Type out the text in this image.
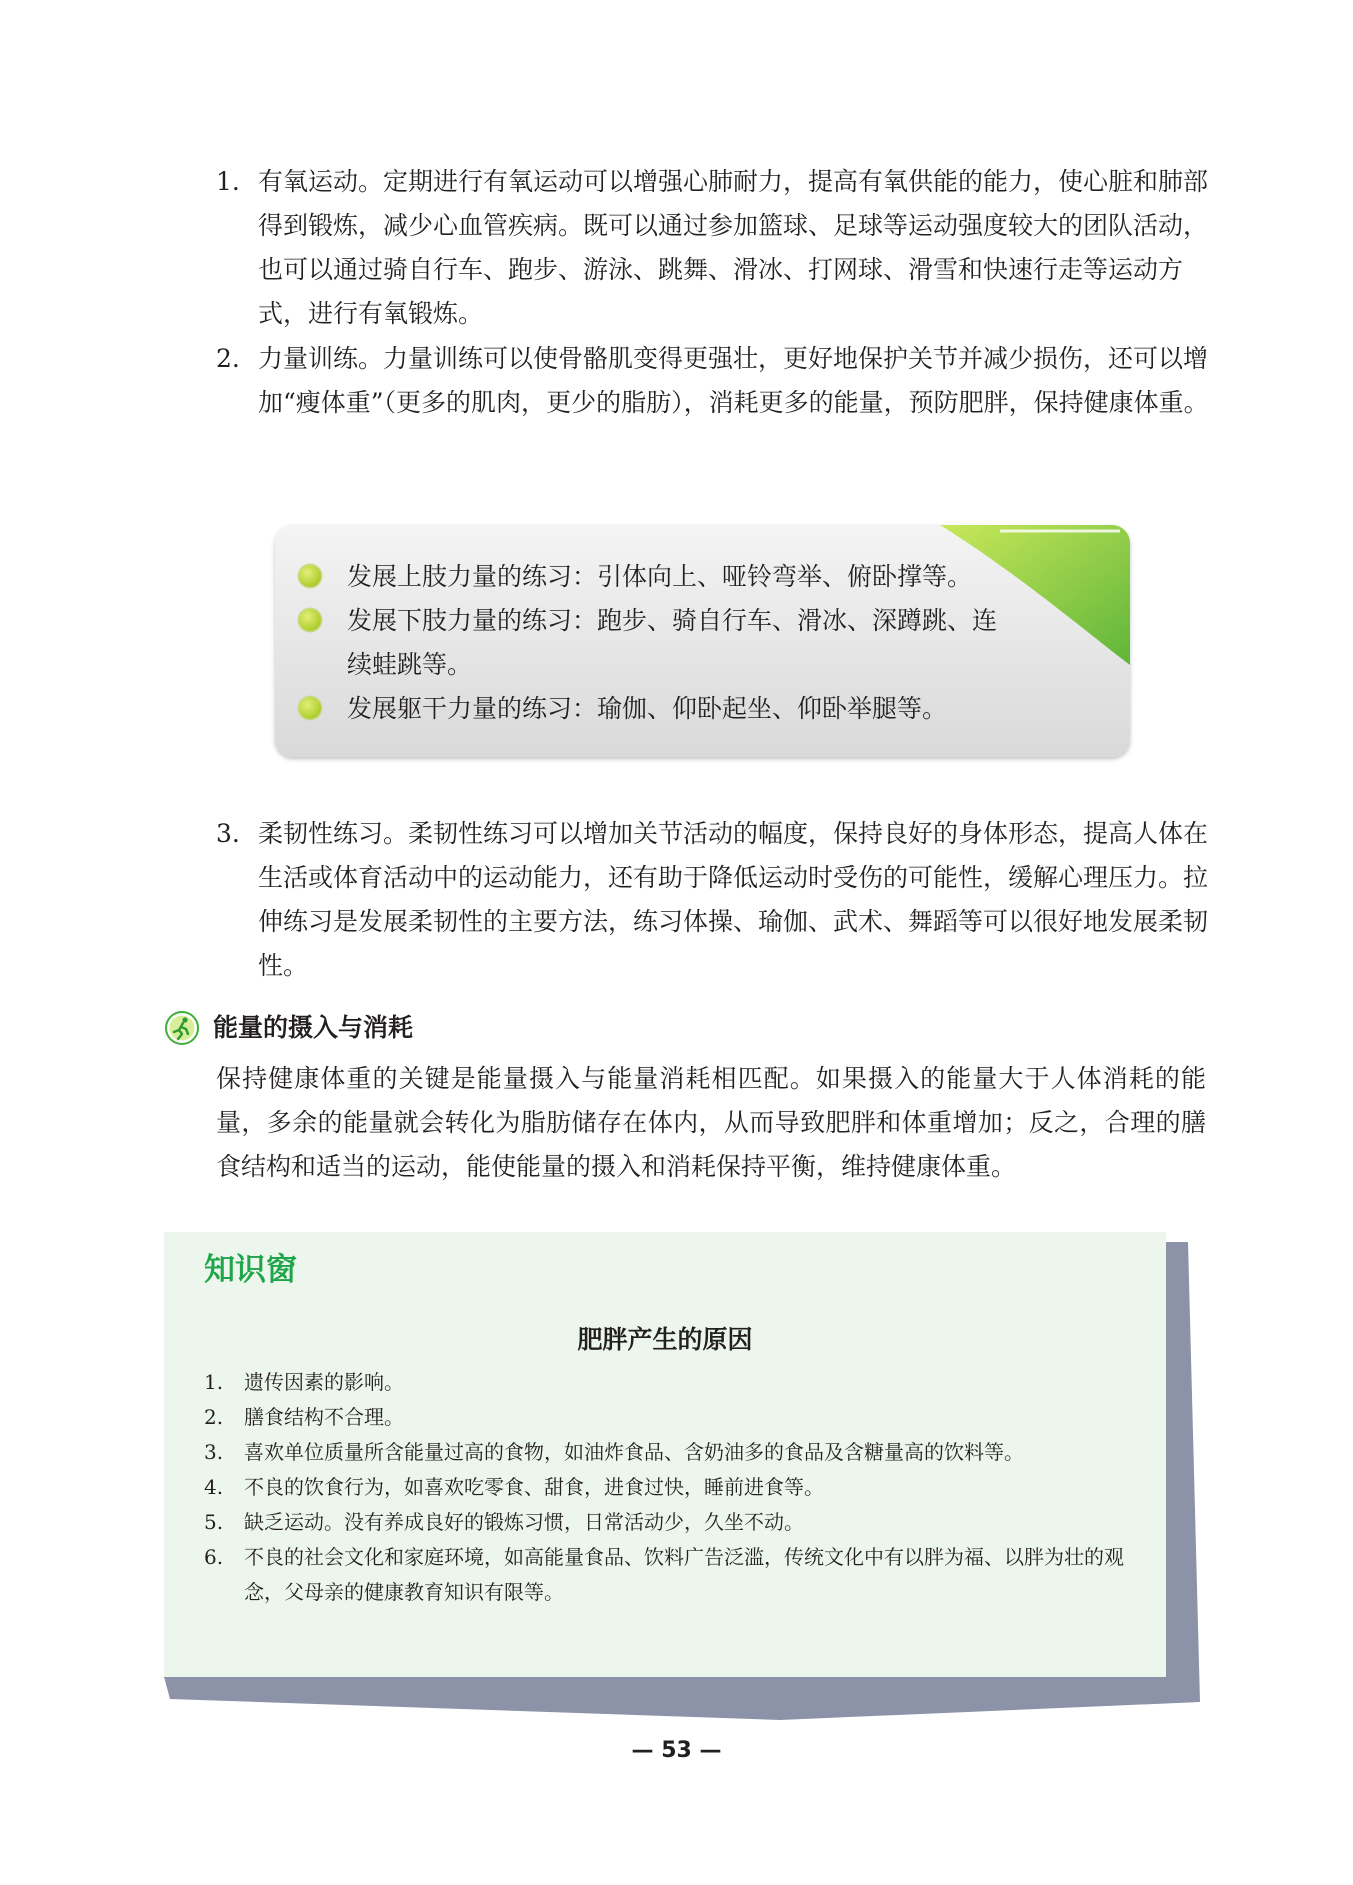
1. 有氧运动。定期进行有氧运动可以增强心肺耐力，提高有氧供能的能力，使心脏和肺部得到锻炼，减少心血管疾病。既可以通过参加篮球、足球等运动强度较大的团队活动，也可以通过骑自行车、跑步、游泳、跳舞、滑冰、打网球、滑雪和快速行走等运动方式，进行有氧锻炼。
2. 力量训练。力量训练可以使骨骼肌变得更强壮，更好地保护关节并减少损伤，还可以增加“瘦体重”（更多的肌肉，更少的脂肪），消耗更多的能量，预防肥胖，保持健康体重。
发展上肢力量的练习：引体向上、哑铃弯举、俯卧撑等。
发展下肢力量的练习：跑步、骑自行车、滑冰、深蹲跳、连续蛙跳等。
发展躯干力量的练习：瑜伽、仰卧起坐、仰卧举腿等。
3. 柔韧性练习。柔韧性练习可以增加关节活动的幅度，保持良好的身体形态，提高人体在生活或体育活动中的运动能力，还有助于降低运动时受伤的可能性，缓解心理压力。拉伸练习是发展柔韧性的主要方法，练习体操、瑜伽、武术、舞蹈等可以很好地发展柔韧性。
能量的摄入与消耗
保持健康体重的关键是能量摄入与能量消耗相匹配。如果摄入的能量大于人体消耗的能量，多余的能量就会转化为脂肪储存在体内，从而导致肥胖和体重增加；反之，合理的膳食结构和适当的运动，能使能量的摄入和消耗保持平衡，维持健康体重。
知识窗
肥胖产生的原因
1. 遗传因素的影响。
2. 膳食结构不合理。
3. 喜欢单位质量所含能量过高的食物，如油炸食品、含奶油多的食品及含糖量高的饮料等。
4. 不良的饮食行为，如喜欢吃零食、甜食，进食过快，睡前进食等。
5. 缺乏运动。没有养成良好的锻炼习惯，日常活动少，久坐不动。
6. 不良的社会文化和家庭环境，如高能量食品、饮料广告泛滥，传统文化中有以胖为福、以胖为壮的观念，父母亲的健康教育知识有限等。
— 53 —
